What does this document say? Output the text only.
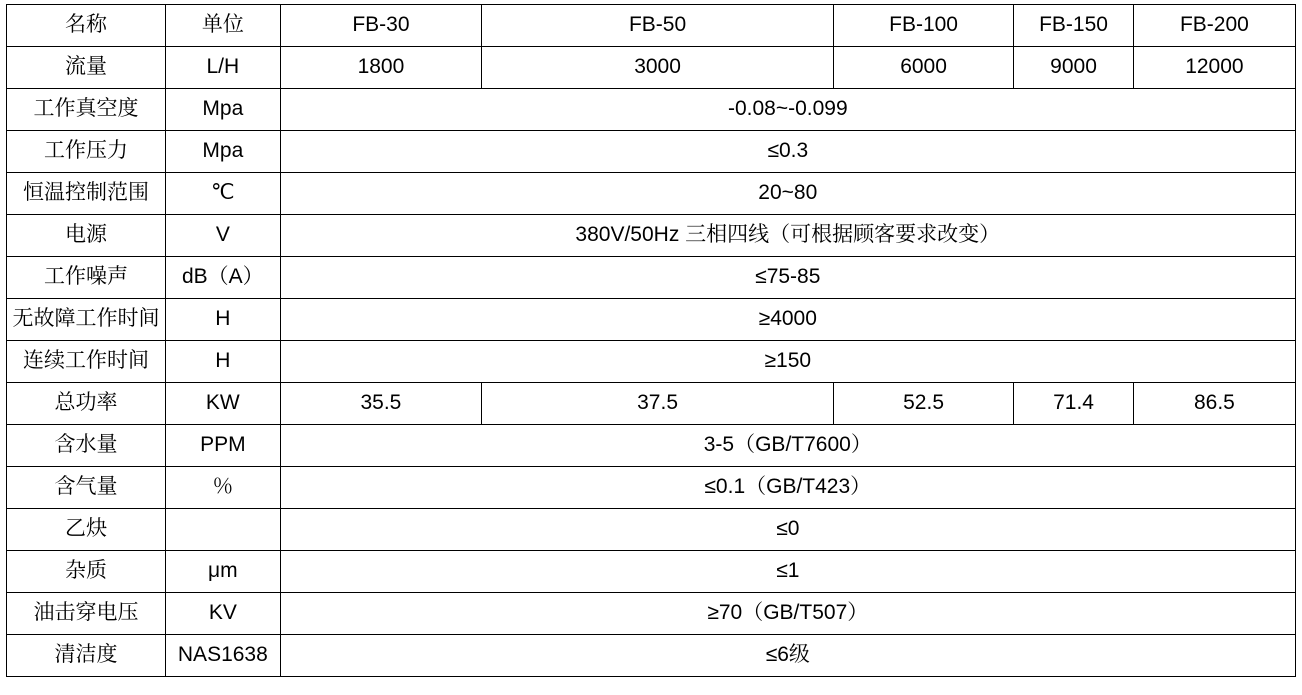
名称	单位	FB-30	FB-50	FB-100	FB-150	FB-200
流量	L/H	1800	3000	6000	9000	12000
工作真空度	Mpa	-0.08~-0.099				
工作压力	Mpa	≤0.3				
恒温控制范围	℃	20~80				
电源	V	380V/50Hz 三相四线（可根据顾客要求改变）				
工作噪声	dB（A）	≤75-85				
无故障工作时间	H	≥4000				
连续工作时间	H	≥150				
总功率	KW	35.5	37.5	52.5	71.4	86.5
含水量	PPM	3-5（GB/T7600）				
含气量	％	≤0.1（GB/T423）				
乙炔		≤0				
杂质	μm	≤1				
油击穿电压	KV	≥70（GB/T507）				
清洁度	NAS1638	≤6级				
